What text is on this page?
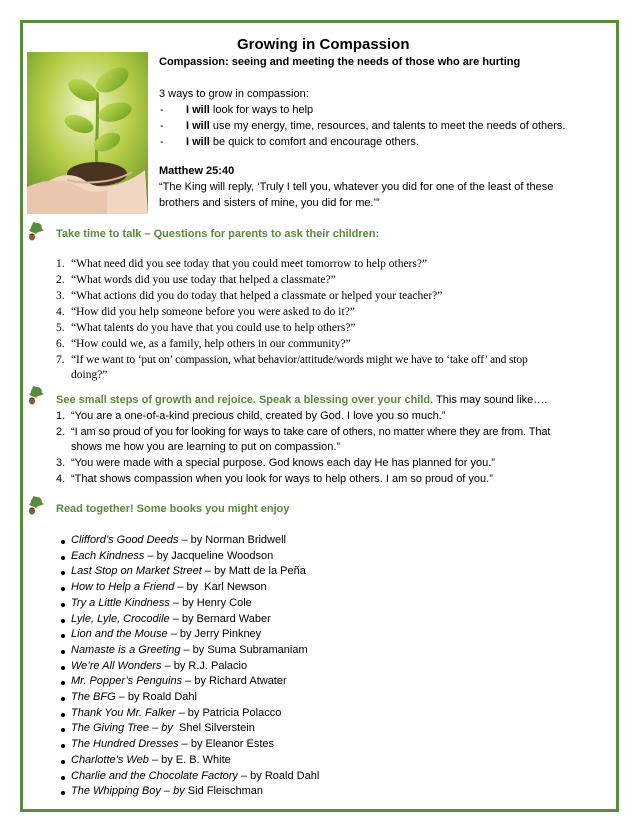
Growing in Compassion
Compassion: seeing and meeting the needs of those who are hurting
3 ways to grow in compassion:
- I will look for ways to help
- I will use my energy, time, resources, and talents to meet the needs of others.
- I will be quick to comfort and encourage others.
Matthew 25:40
“The King will reply, ‘Truly I tell you, whatever you did for one of the least of these
brothers and sisters of mine, you did for me.’”
Take time to talk – Questions for parents to ask their children:
1. “What need did you see today that you could meet tomorrow to help others?”
2. “What words did you use today that helped a classmate?”
3. “What actions did you do today that helped a classmate or helped your teacher?”
4. “How did you help someone before you were asked to do it?”
5. “What talents do you have that you could use to help others?”
6. “How could we, as a family, help others in our community?”
7. “If we want to ‘put on’ compassion, what behavior/attitude/words might we have to ‘take off’ and stop
doing?”
See small steps of growth and rejoice. Speak a blessing over your child. This may sound like….
1. “You are a one-of-a-kind precious child, created by God. I love you so much.”
2. “I am so proud of you for looking for ways to take care of others, no matter where they are from. That
shows me how you are learning to put on compassion.”
3. “You were made with a special purpose. God knows each day He has planned for you.”
4. “That shows compassion when you look for ways to help others. I am so proud of you.”
Read together! Some books you might enjoy
Clifford’s Good Deeds – by Norman Bridwell
Each Kindness – by Jacqueline Woodson
Last Stop on Market Street – by Matt de la Peña
How to Help a Friend – by  Karl Newson
Try a Little Kindness – by Henry Cole
Lyle, Lyle, Crocodile – by Bernard Waber
Lion and the Mouse – by Jerry Pinkney
Namaste is a Greeting – by Suma Subramaniam
We’re All Wonders – by R.J. Palacio
Mr. Popper’s Penguins – by Richard Atwater
The BFG – by Roald Dahl
Thank You Mr. Falker – by Patricia Polacco
The Giving Tree – by  Shel Silverstein
The Hundred Dresses – by Eleanor Estes
Charlotte’s Web – by E. B. White
Charlie and the Chocolate Factory – by Roald Dahl
The Whipping Boy – by Sid Fleischman
